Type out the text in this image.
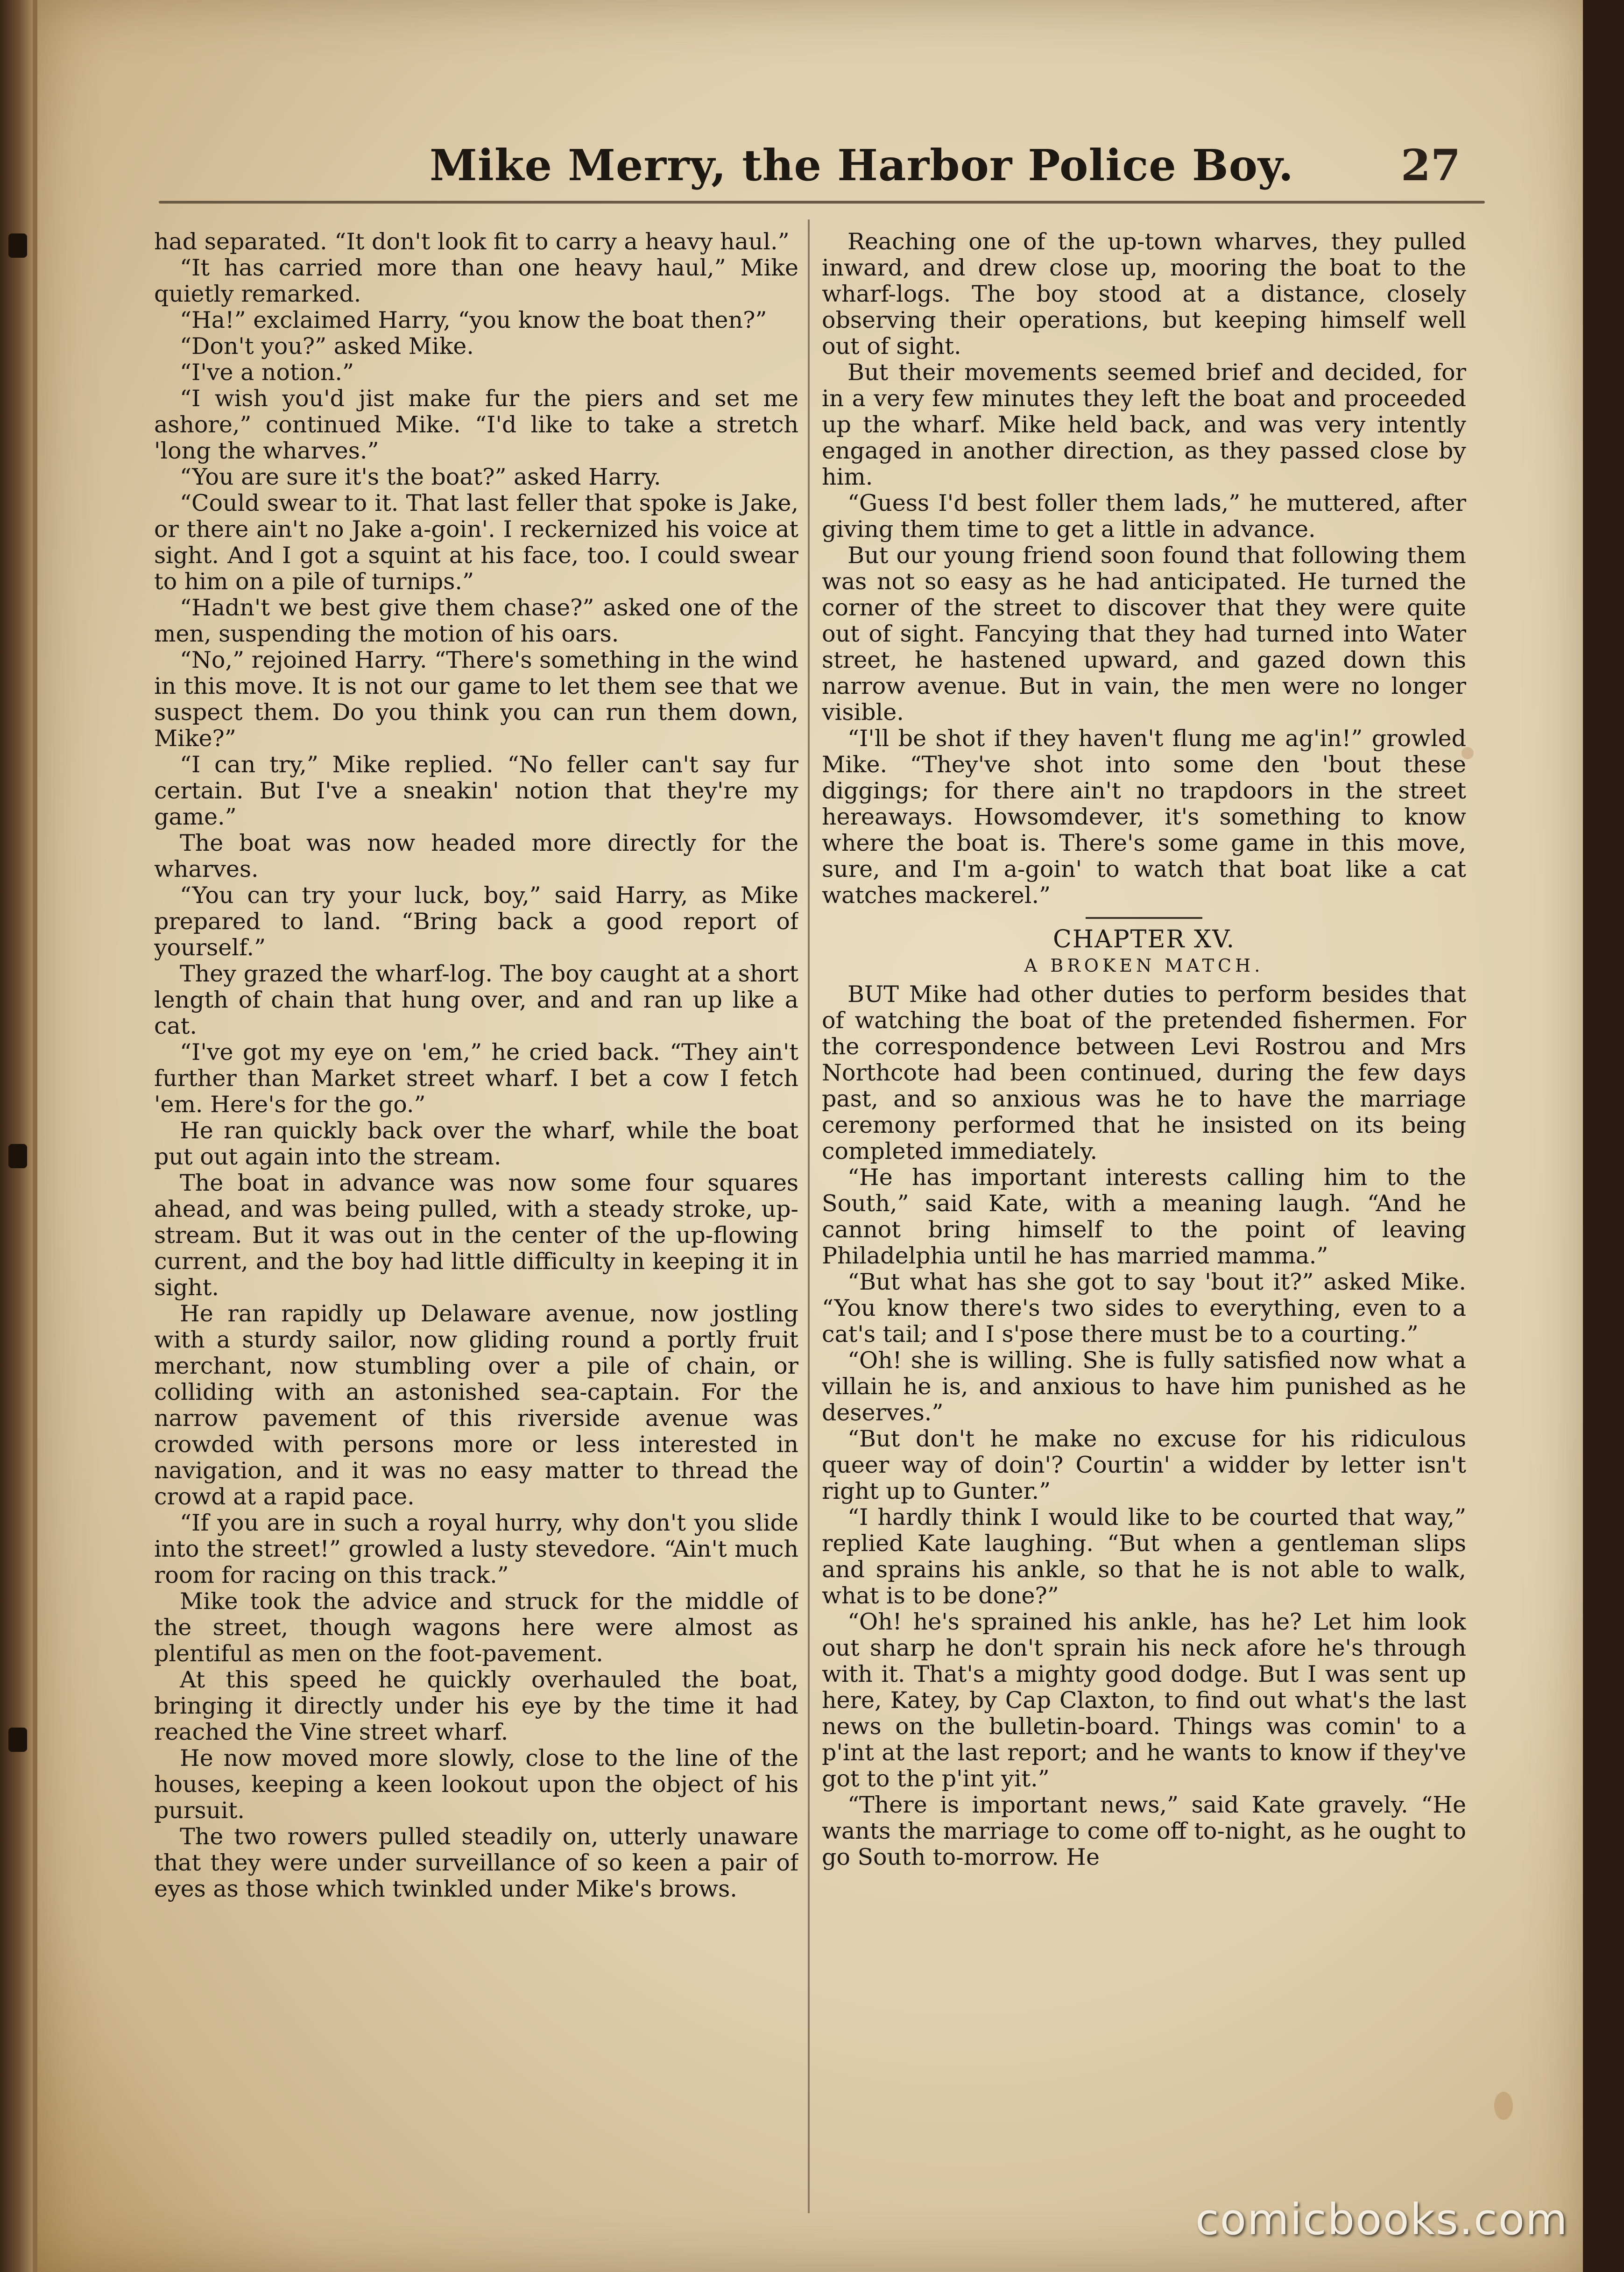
Mike Merry, the Harbor Police Boy. 27

had separated. “It don't look fit to carry a heavy haul.”

“It has carried more than one heavy haul,” Mike quietly remarked.

“Ha!” exclaimed Harry, “you know the boat then?”

“Don't you?” asked Mike.

“I've a notion.”

“I wish you'd jist make fur the piers and set me ashore,” continued Mike. “I'd like to take a stretch 'long the wharves.”

“You are sure it's the boat?” asked Harry.

“Could swear to it. That last feller that spoke is Jake, or there ain't no Jake a-goin'. I reckernized his voice at sight. And I got a squint at his face, too. I could swear to him on a pile of turnips.”

“Hadn't we best give them chase?” asked one of the men, suspending the motion of his oars.

“No,” rejoined Harry. “There's something in the wind in this move. It is not our game to let them see that we suspect them. Do you think you can run them down, Mike?”

“I can try,” Mike replied. “No feller can't say fur certain. But I've a sneakin' notion that they're my game.”

The boat was now headed more directly for the wharves.

“You can try your luck, boy,” said Harry, as Mike prepared to land. “Bring back a good report of yourself.”

They grazed the wharf-log. The boy caught at a short length of chain that hung over, and and ran up like a cat.

“I've got my eye on 'em,” he cried back. “They ain't further than Market street wharf. I bet a cow I fetch 'em. Here's for the go.”

He ran quickly back over the wharf, while the boat put out again into the stream.

The boat in advance was now some four squares ahead, and was being pulled, with a steady stroke, up-stream. But it was out in the center of the up-flowing current, and the boy had little difficulty in keeping it in sight.

He ran rapidly up Delaware avenue, now jostling with a sturdy sailor, now gliding round a portly fruit merchant, now stumbling over a pile of chain, or colliding with an astonished sea-captain. For the narrow pavement of this riverside avenue was crowded with persons more or less interested in navigation, and it was no easy matter to thread the crowd at a rapid pace.

“If you are in such a royal hurry, why don't you slide into the street!” growled a lusty stevedore. “Ain't much room for racing on this track.”

Mike took the advice and struck for the middle of the street, though wagons here were almost as plentiful as men on the foot-pavement.

At this speed he quickly overhauled the boat, bringing it directly under his eye by the time it had reached the Vine street wharf.

He now moved more slowly, close to the line of the houses, keeping a keen lookout upon the object of his pursuit.

The two rowers pulled steadily on, utterly unaware that they were under surveillance of so keen a pair of eyes as those which twinkled under Mike's brows.

Reaching one of the up-town wharves, they pulled inward, and drew close up, mooring the boat to the wharf-logs. The boy stood at a distance, closely observing their operations, but keeping himself well out of sight.

But their movements seemed brief and decided, for in a very few minutes they left the boat and proceeded up the wharf. Mike held back, and was very intently engaged in another direction, as they passed close by him.

“Guess I'd best foller them lads,” he muttered, after giving them time to get a little in advance.

But our young friend soon found that following them was not so easy as he had anticipated. He turned the corner of the street to discover that they were quite out of sight. Fancying that they had turned into Water street, he hastened upward, and gazed down this narrow avenue. But in vain, the men were no longer visible.

“I'll be shot if they haven't flung me ag'in!” growled Mike. “They've shot into some den 'bout these diggings; for there ain't no trapdoors in the street hereaways. Howsomdever, it's something to know where the boat is. There's some game in this move, sure, and I'm a-goin' to watch that boat like a cat watches mackerel.”

CHAPTER XV.
A BROKEN MATCH.

BUT Mike had other duties to perform besides that of watching the boat of the pretended fishermen. For the correspondence between Levi Rostrou and Mrs Northcote had been continued, during the few days past, and so anxious was he to have the marriage ceremony performed that he insisted on its being completed immediately.

“He has important interests calling him to the South,” said Kate, with a meaning laugh. “And he cannot bring himself to the point of leaving Philadelphia until he has married mamma.”

“But what has she got to say 'bout it?” asked Mike. “You know there's two sides to everything, even to a cat's tail; and I s'pose there must be to a courting.”

“Oh! she is willing. She is fully satisfied now what a villain he is, and anxious to have him punished as he deserves.”

“But don't he make no excuse for his ridiculous queer way of doin'? Courtin' a widder by letter isn't right up to Gunter.”

“I hardly think I would like to be courted that way,” replied Kate laughing. “But when a gentleman slips and sprains his ankle, so that he is not able to walk, what is to be done?”

“Oh! he's sprained his ankle, has he? Let him look out sharp he don't sprain his neck afore he's through with it. That's a mighty good dodge. But I was sent up here, Katey, by Cap Claxton, to find out what's the last news on the bulletin-board. Things was comin' to a p'int at the last report; and he wants to know if they've got to the p'int yit.”

“There is important news,” said Kate gravely. “He wants the marriage to come off to-night, as he ought to go South to-morrow. He

comicbooks.com
